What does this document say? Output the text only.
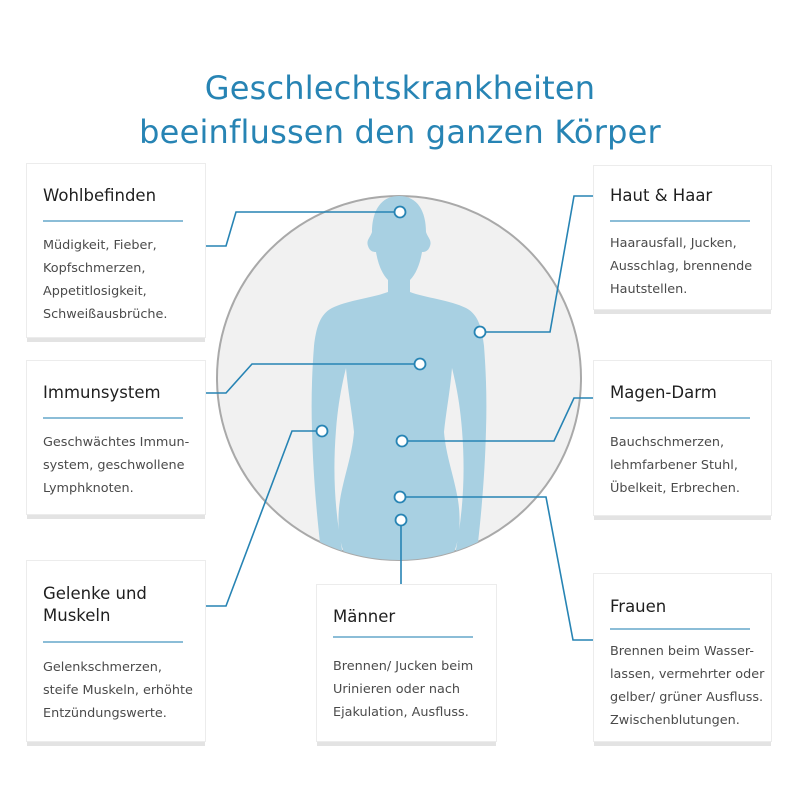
Geschlechtskrankheiten
beeinflussen den ganzen Körper
Wohlbefinden
Müdigkeit, Fieber,
Kopfschmerzen,
Appetitlosigkeit,
Schweißausbrüche.
Immunsystem
Geschwächtes Immun-
system, geschwollene
Lymphknoten.
Gelenke und
Muskeln
Gelenkschmerzen,
steife Muskeln, erhöhte
Entzündungswerte.
Männer
Brennen/ Jucken beim
Urinieren oder nach
Ejakulation, Ausfluss.
Haut & Haar
Haarausfall, Jucken,
Ausschlag, brennende
Hautstellen.
Magen-Darm
Bauchschmerzen,
lehmfarbener Stuhl,
Übelkeit, Erbrechen.
Frauen
Brennen beim Wasser-
lassen, vermehrter oder
gelber/ grüner Ausfluss.
Zwischenblutungen.
